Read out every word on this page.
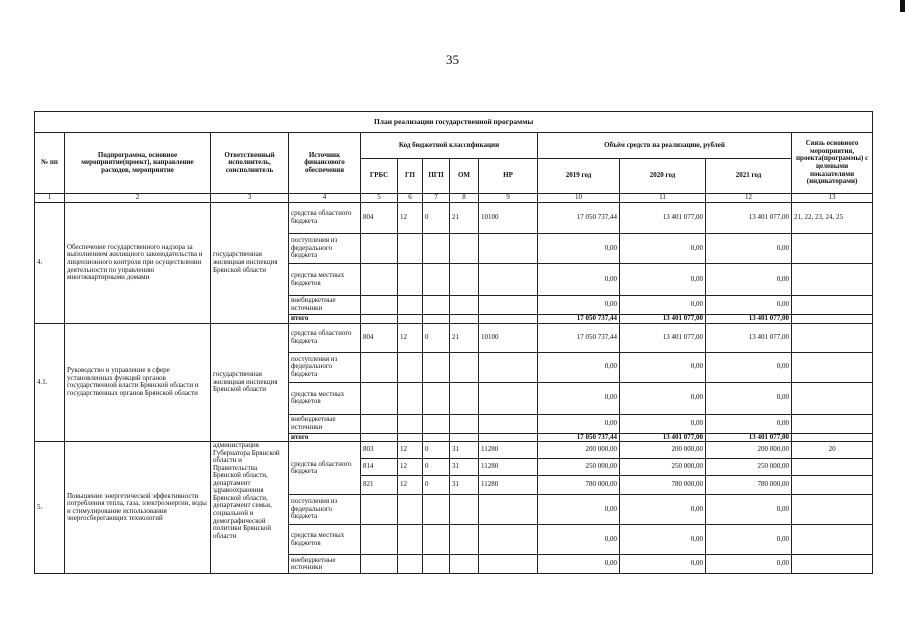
35
План реализации государственной программы												
№ пп	Подпрограмма, основное мероприятие(проект), направление расходов, мероприятие	Ответственный исполнитель, соисполнитель	Источник финансового обеспечения	Код бюджетной классификации					Объём средств на реализацию, рублей			Связь основного мероприятия, проекта(программы) с целевыми показателями (индикаторами)
				ГРБС	ГП	ПГП	ОМ	НР	2019 год	2020 год	2021 год	
1	2	3	4	5	6	7	8	9	10	11	12	13
4.	Обеспечение государственного надзора за выполнением жилищного законодательства и лицензионного контроля при осуществлении деятельности по управлению многоквартирными домами	государственная жилищная инспекция Брянской области	средства областного бюджета	804	12	0	21	10100	17 050 737,44	13 401 077,00	13 401 077,00	21, 22, 23, 24, 25
			поступления из федерального бюджета						0,00	0,00	0,00	
			средства местных бюджетов						0,00	0,00	0,00	
			внебюджетные источники						0,00	0,00	0,00	
			итого						17 050 737,44	13 401 077,00	13 401 077,00	
4.1.	Руководство и управление в сфере установленных функций органов государственной власти Брянской области и государственных органов Брянской области	государственная жилищная инспекция Брянской области	средства областного бюджета	804	12	0	21	10100	17 050 737,44	13 401 077,00	13 401 077,00	
			поступления из федерального бюджета						0,00	0,00	0,00	
			средства местных бюджетов						0,00	0,00	0,00	
			внебюджетные источники						0,00	0,00	0,00	
			итого						17 050 737,44	13 401 077,00	13 401 077,00	
5.	Повышение энергетической эффективности потребления тепла, газа, электроэнергии, воды и стимулирование использования энергосберегающих технологий	администрация Губернатора Брянской области и Правительства Брянской области, департамент здравоохранения Брянской области, департамент семьи, социальной и демографической политики Брянской области	средства областного бюджета	803	12	0	31	11280	200 000,00	200 000,00	200 000,00	20
				814	12	0	31	11280	250 000,00	250 000,00	250 000,00	
				821	12	0	31	11280	780 000,00	780 000,00	780 000,00	
			поступления из федерального бюджета						0,00	0,00	0,00	
			средства местных бюджетов						0,00	0,00	0,00	
			внебюджетные источники						0,00	0,00	0,00	
